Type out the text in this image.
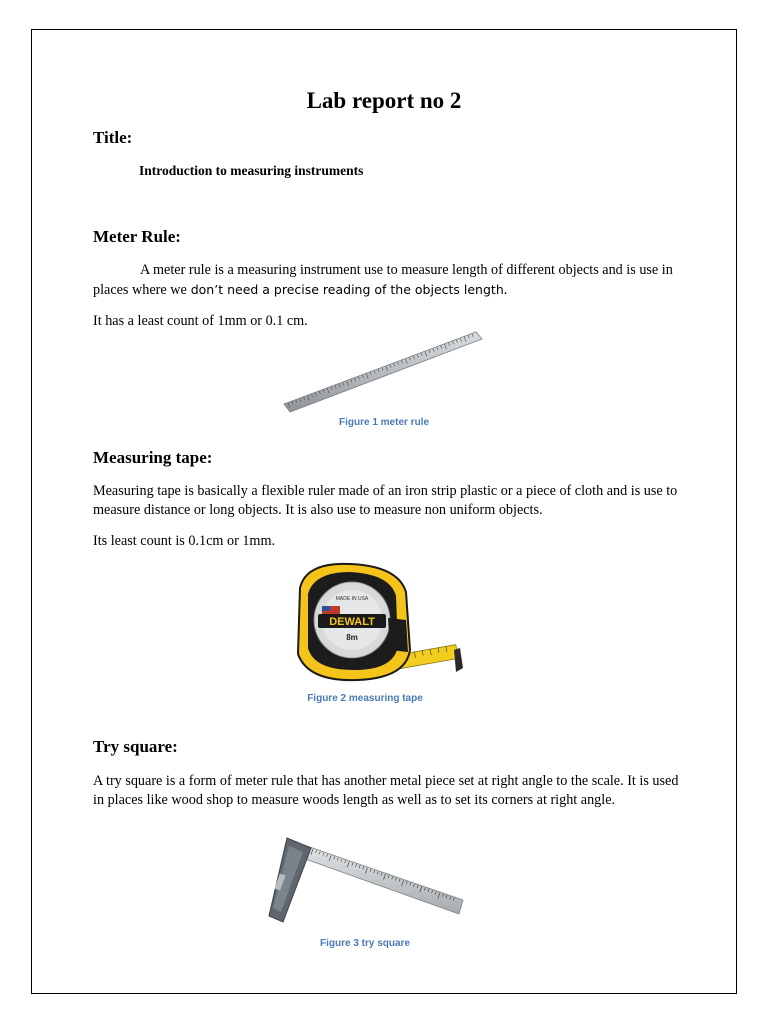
Lab report no 2
Title:
Introduction to measuring instruments
Meter Rule:

A meter rule is a measuring instrument use to measure length of different objects and is use in places where we don’t need a precise reading of the objects length.

It has a least count of 1mm or 0.1 cm.

Figure 1 meter rule
Measuring tape:

Measuring tape is basically a flexible ruler made of an iron strip plastic or a piece of cloth and is use to measure distance or long objects. It is also use to measure non uniform objects.

Its least count is 0.1cm or 1mm.

DEWALT
8m
MADE IN USA
Figure 2 measuring tape
Try square:

A try square is a form of meter rule that has another metal piece set at right angle to the scale. It is used in places like wood shop to measure woods length as well as to set its corners at right angle.

Figure 3 try square
